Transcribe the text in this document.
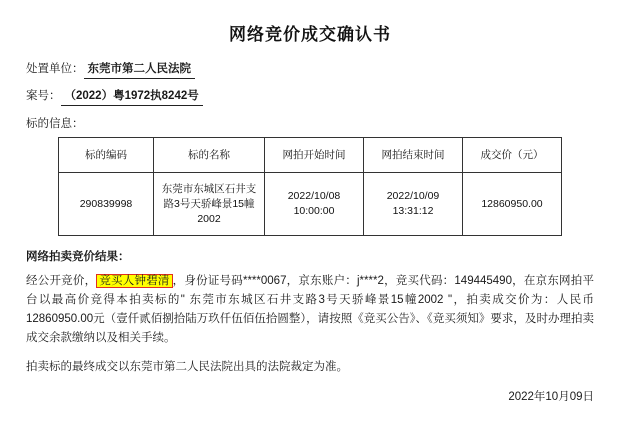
网络竞价成交确认书
处置单位： 东莞市第二人民法院
案号： （2022）粤1972执8242号
标的信息：
标的编码	标的名称	网拍开始时间	网拍结束时间	成交价（元）
290839998	东莞市东城区石井支路3号天骄峰景15幢2002	2022/10/08 10:00:00	2022/10/09 13:31:12	12860950.00
网络拍卖竞价结果：

经公开竞价， 竞买人钟碧清 ，身份证号码****0067，京东账户：j****2，竞买代码：149445490，在京东网拍平台以最高价竞得本拍卖标的" 东莞市东城区石井支路3号天骄峰景15幢2002 "，拍卖成交价为：人民币12860950.00元（壹仟贰佰捌拾陆万玖仟伍佰伍拾圆整），请按照《竞买公告》、《竞买须知》要求，及时办理拍卖成交余款缴纳以及相关手续。

拍卖标的最终成交以东莞市第二人民法院出具的法院裁定为准。

2022年10月09日
